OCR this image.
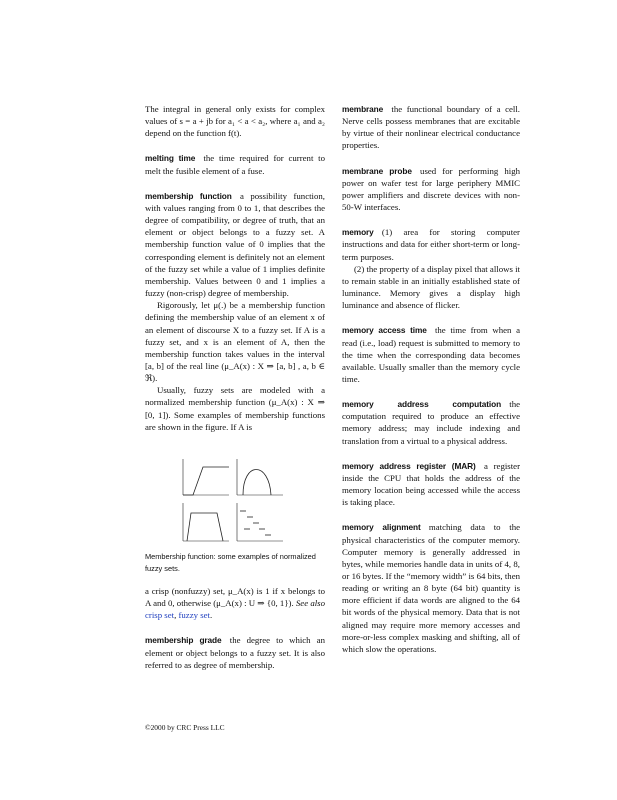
The integral in general only exists for complex values of s = a + jb for a₁ < a < a₂, where a₁ and a₂ depend on the function f(t).

melting time the time required for current to melt the fusible element of a fuse.

membership function a possibility function, with values ranging from 0 to 1, that describes the degree of compatibility, or degree of truth, that an element or object belongs to a fuzzy set. A membership function value of 0 implies that the corresponding element is definitely not an element of the fuzzy set while a value of 1 implies definite membership. Values between 0 and 1 implies a fuzzy (non-crisp) degree of membership.

Rigorously, let μ(.) be a membership function defining the membership value of an element x of an element of discourse X to a fuzzy set. If A is a fuzzy set, and x is an element of A, then the membership function takes values in the interval [a, b] of the real line (μ_A(x) : X ⇒ [a, b] , a, b ∈ ℜ).

Usually, fuzzy sets are modeled with a normalized membership function (μ_A(x) : X ⇒ [0, 1]). Some examples of membership functions are shown in the figure. If A is

Membership function: some examples of normalized fuzzy sets.

a crisp (nonfuzzy) set, μ_A(x) is 1 if x belongs to A and 0, otherwise (μ_A(x) : U ⇒ {0, 1}). See also crisp set, fuzzy set.

membership grade the degree to which an element or object belongs to a fuzzy set. It is also referred to as degree of membership.

membrane the functional boundary of a cell. Nerve cells possess membranes that are excitable by virtue of their nonlinear electrical conductance properties.

membrane probe used for performing high power on wafer test for large periphery MMIC power amplifiers and discrete devices with non-50-W interfaces.

memory (1) area for storing computer instructions and data for either short-term or long-term purposes.

(2) the property of a display pixel that allows it to remain stable in an initially established state of luminance. Memory gives a display high luminance and absence of flicker.

memory access time the time from when a read (i.e., load) request is submitted to memory to the time when the corresponding data becomes available. Usually smaller than the memory cycle time.

memory address computation the computation required to produce an effective memory address; may include indexing and translation from a virtual to a physical address.

memory address register (MAR) a register inside the CPU that holds the address of the memory location being accessed while the access is taking place.

memory alignment matching data to the physical characteristics of the computer memory. Computer memory is generally addressed in bytes, while memories handle data in units of 4, 8, or 16 bytes. If the “memory width” is 64 bits, then reading or writing an 8 byte (64 bit) quantity is more efficient if data words are aligned to the 64 bit words of the physical memory. Data that is not aligned may require more memory accesses and more-or-less complex masking and shifting, all of which slow the operations.

©2000 by CRC Press LLC
